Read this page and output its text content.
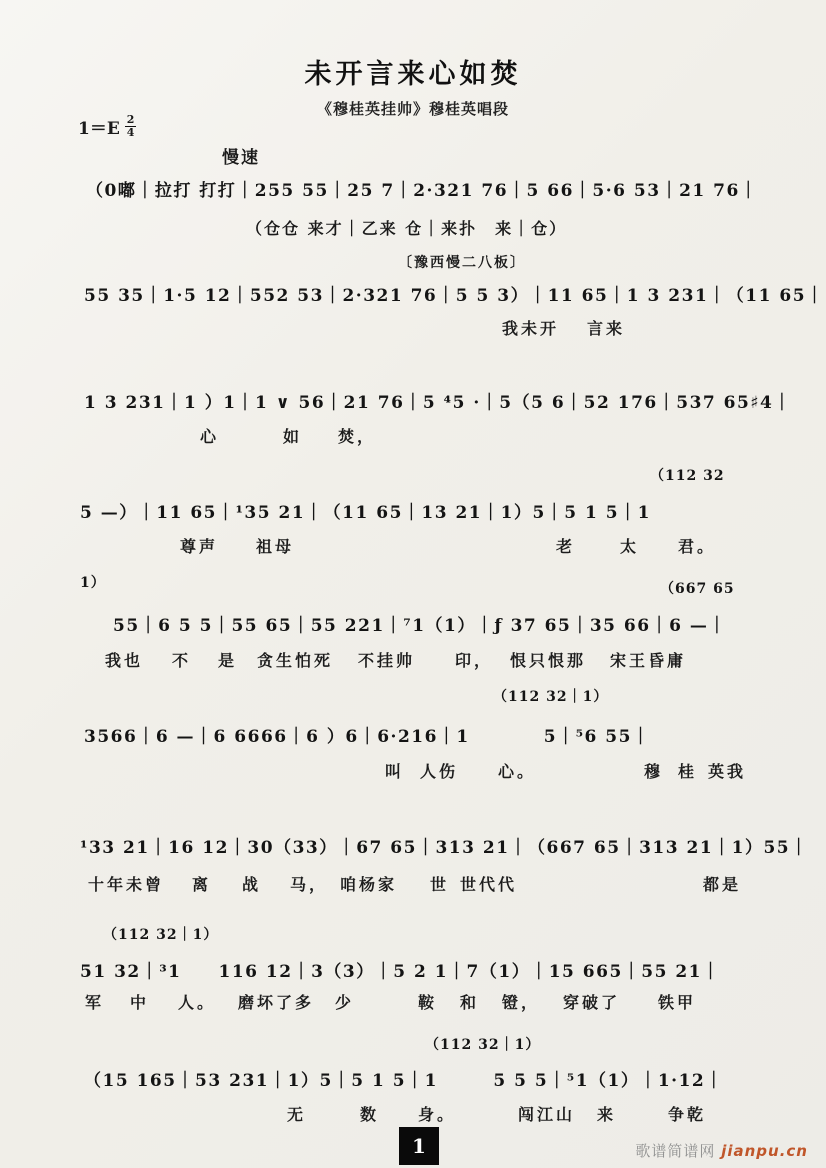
未开言来心如焚
《穆桂英挂帅》穆桂英唱段
$1=E \frac{2}{4}$
慢速
（0嘟｜拉打 打打｜255 55｜25 7｜2·321 76｜5 66｜5·6 53｜21 76｜
（仓仓 来才｜乙来 仓｜来扑　来｜仓）
〔豫西慢二八板〕
55 35｜1·5 12｜552 53｜2·321 76｜5 5 3）｜11 65｜1 3 231｜（11 65｜
我未开 言来
1 3 231｜1 ）1｜1 ∨ 56｜21 76｜5 ⁴5 ·｜5（5 6｜52 176｜537 65♯4｜
心	如 焚，
（112 32
5 —）｜11 65｜¹35 21｜（11 65｜13 21｜1）5｜5 1 5｜1
尊声 祖母	老	太 君。
1）	（667 65
55｜6 5 5｜55 65｜55 221｜⁷1（1）｜ƒ 37 65｜35 66｜6 —｜
我也 不 是 贪生怕死 不挂帅 印， 恨只恨那 宋王昏庸
（112 32｜1）
3566｜6 —｜6 6666｜6 ）6｜6·216｜1　　　　5｜⁵6 55｜
叫 人伤 心。	穆 桂 英我
¹33 21｜16 12｜30（33）｜67 65｜313 21｜（667 65｜313 21｜1）55｜
十年未曾 离 战 马， 咱杨家 世 世代代	都是
（112 32｜1）
51 32｜³1　　116 12｜3（3）｜5 2 1｜7（1）｜15 665｜55 21｜
军 中 人。 磨坏了多 少	鞍 和 镫， 穿破了 铁甲
（112 32｜1）
（15 165｜53 231｜1）5｜5 1 5｜1　　　5 5 5｜⁵1（1）｜1·12｜
无	数 身。	闯江山 来	争乾
1	歌谱简谱网 jianpu.cn
